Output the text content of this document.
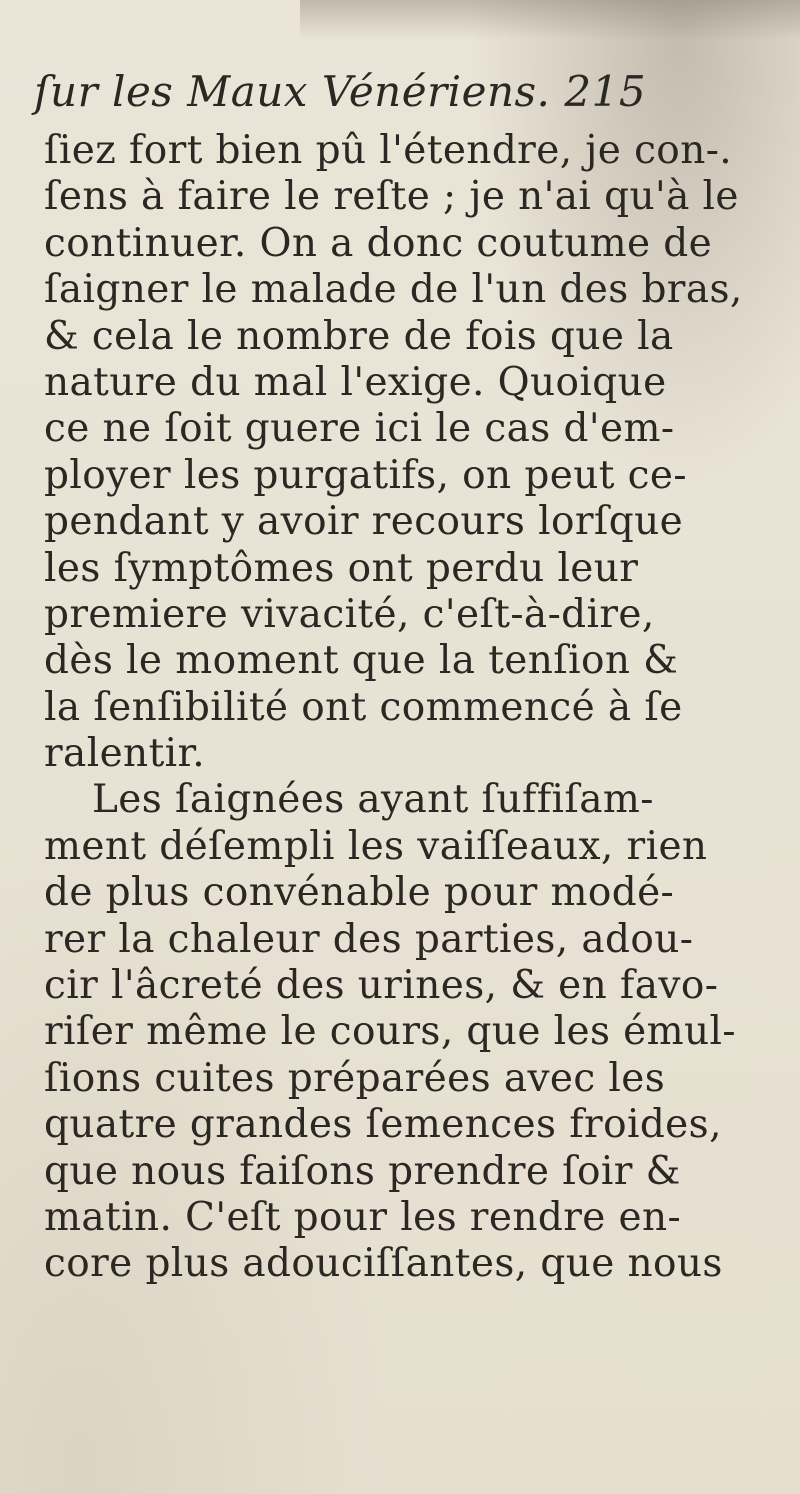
ſur les Maux Vénériens. 215
ſiez fort bien pû l'étendre, je con-.
ſens à faire le reſte ; je n'ai qu'à le
continuer. On a donc coutume de
ſaigner le malade de l'un des bras,
& cela le nombre de fois que la
nature du mal l'exige. Quoique
ce ne ſoit guere ici le cas d'em-
ployer les purgatifs, on peut ce-
pendant y avoir recours lorſque
les ſymptômes ont perdu leur
premiere vivacité, c'eſt-à-dire,
dès le moment que la tenſion &
la ſenſibilité ont commencé à ſe
ralentir.
Les ſaignées ayant ſuffiſam-
ment déſempli les vaiſſeaux, rien
de plus convénable pour modé-
rer la chaleur des parties, adou-
cir l'âcreté des urines, & en favo-
riſer même le cours, que les émul-
ſions cuites préparées avec les
quatre grandes ſemences froides,
que nous faiſons prendre ſoir &
matin. C'eſt pour les rendre en-
core plus adouciſſantes, que nous
